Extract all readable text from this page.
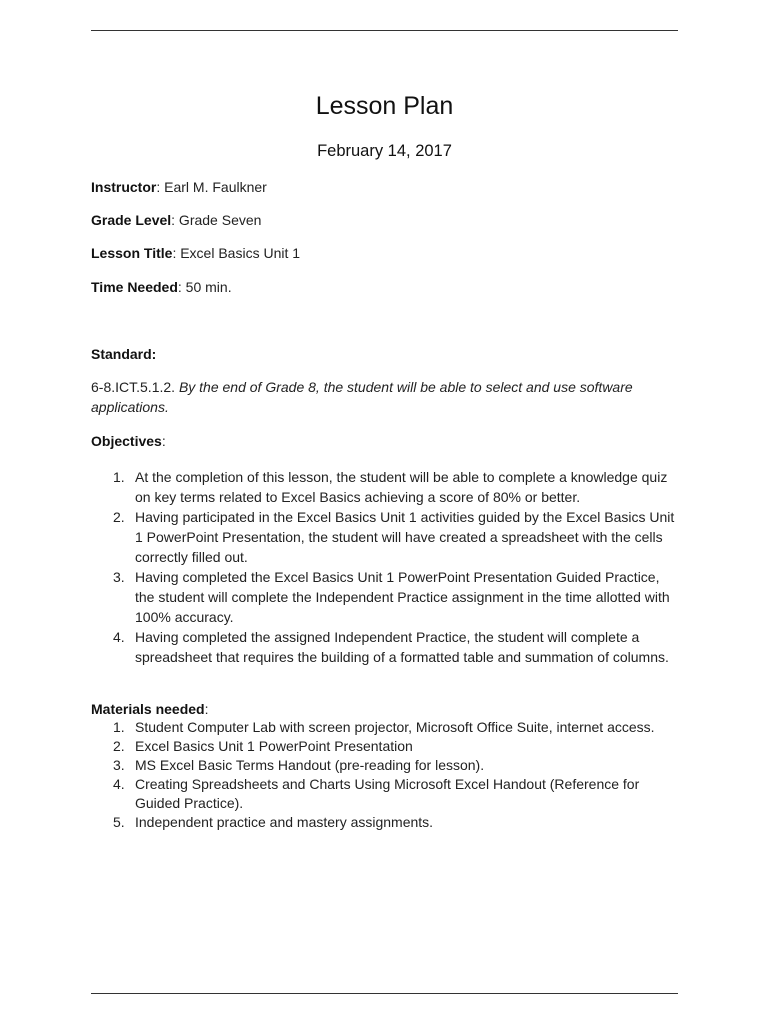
Lesson Plan
February 14, 2017
Instructor: Earl M. Faulkner
Grade Level: Grade Seven
Lesson Title: Excel Basics Unit 1
Time Needed: 50 min.
Standard:
6-8.ICT.5.1.2. By the end of Grade 8, the student will be able to select and use software applications.
Objectives:
1. At the completion of this lesson, the student will be able to complete a knowledge quiz on key terms related to Excel Basics achieving a score of 80% or better.
2. Having participated in the Excel Basics Unit 1 activities guided by the Excel Basics Unit 1 PowerPoint Presentation, the student will have created a spreadsheet with the cells correctly filled out.
3. Having completed the Excel Basics Unit 1 PowerPoint Presentation Guided Practice, the student will complete the Independent Practice assignment in the time allotted with 100% accuracy.
4. Having completed the assigned Independent Practice, the student will complete a spreadsheet that requires the building of a formatted table and summation of columns.
Materials needed:
1. Student Computer Lab with screen projector, Microsoft Office Suite, internet access.
2. Excel Basics Unit 1 PowerPoint Presentation
3. MS Excel Basic Terms Handout (pre-reading for lesson).
4. Creating Spreadsheets and Charts Using Microsoft Excel Handout (Reference for Guided Practice).
5. Independent practice and mastery assignments.
